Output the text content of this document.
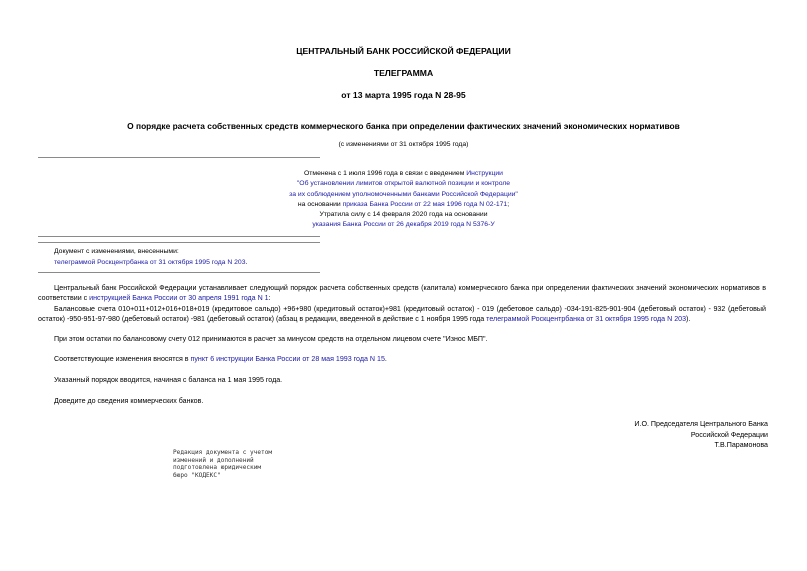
ЦЕНТРАЛЬНЫЙ БАНК РОССИЙСКОЙ ФЕДЕРАЦИИ
ТЕЛЕГРАММА
от 13 марта 1995 года N 28-95
О порядке расчета собственных средств коммерческого банка при определении фактических значений экономических нормативов
(с изменениями от 31 октября 1995 года)
Отменена с 1 июля 1996 года в связи с введением Инструкции
"Об установлении лимитов открытой валютной позиции и контроле
за их соблюдением уполномоченными банками Российской Федерации"
на основании приказа Банка России от 22 мая 1996 года N 02-171;
Утратила силу с 14 февраля 2020 года на основании
указания Банка России от 26 декабря 2019 года N 5376-У
Документ с изменениями, внесенными:
телеграммой Роскцентрбанка от 31 октября 1995 года N 203.
Центральный банк Российской Федерации устанавливает следующий порядок расчета собственных средств (капитала) коммерческого банка при определении фактических значений экономических нормативов в соответствии с инструкцией Банка России от 30 апреля 1991 года N 1:
Балансовые счета 010+011+012+016+018+019 (кредитовое сальдо) +96+980 (кредитовый остаток)+981 (кредитовый остаток) - 019 (дебетовое сальдо) -034-191-825-901-904 (дебетовый остаток) - 932 (дебетовый остаток) -950-951-97-980 (дебетовый остаток) -981 (дебетовый остаток) (абзац в редакции, введенной в действие с 1 ноября 1995 года телеграммой Роскцентрбанка от 31 октября 1995 года N 203).
При этом остатки по балансовому счету 012 принимаются в расчет за минусом средств на отдельном лицевом счете "Износ МБП".
Соответствующие изменения вносятся в пункт 6 инструкции Банка России от 28 мая 1993 года N 15.
Указанный порядок вводится, начиная с баланса на 1 мая 1995 года.
Доведите до сведения коммерческих банков.
И.О. Председателя Центрального Банка
Российской Федерации
Т.В.Парамонова
Редакция документа с учетом
изменений и дополнений
подготовлена юридическим
бюро "КОДЕКС"
